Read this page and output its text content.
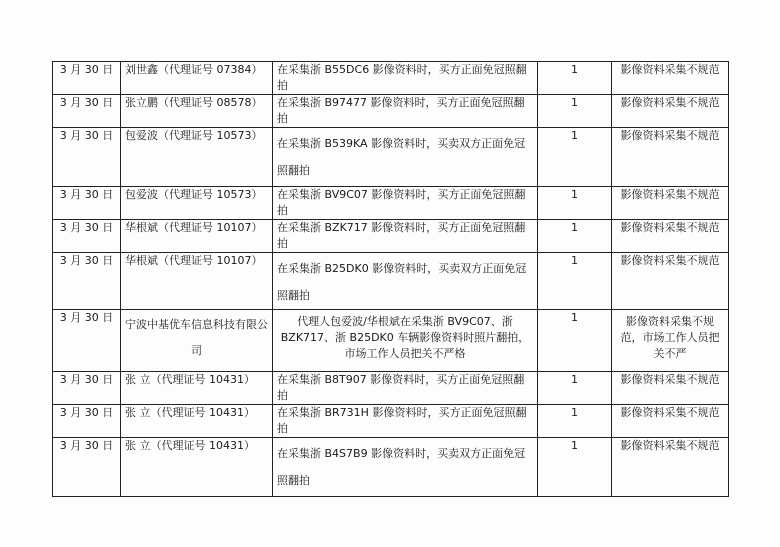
3 月 30 日	刘世鑫（代理证号 07384）	在采集浙 B55DC6 影像资料时，买方正面免冠照翻拍	1	影像资料采集不规范
3 月 30 日	张立鹏（代理证号 08578）	在采集浙 B97477 影像资料时，买方正面免冠照翻拍	1	影像资料采集不规范
3 月 30 日	包爱波（代理证号 10573）	在采集浙 B539KA 影像资料时，买卖双方正面免冠照翻拍	1	影像资料采集不规范
3 月 30 日	包爱波（代理证号 10573）	在采集浙 BV9C07 影像资料时，买方正面免冠照翻拍	1	影像资料采集不规范
3 月 30 日	华根斌（代理证号 10107）	在采集浙 BZK717 影像资料时，买方正面免冠照翻拍	1	影像资料采集不规范
3 月 30 日	华根斌（代理证号 10107）	在采集浙 B25DK0 影像资料时，买卖双方正面免冠照翻拍	1	影像资料采集不规范
3 月 30 日	宁波中基优车信息科技有限公司	代理人包爱波/华根斌在采集浙 BV9C07、浙 BZK717、浙 B25DK0 车辆影像资料时照片翻拍，市场工作人员把关不严格	1	影像资料采集不规范，市场工作人员把关不严
3 月 30 日	张 立（代理证号 10431）	在采集浙 B8T907 影像资料时，买方正面免冠照翻拍	1	影像资料采集不规范
3 月 30 日	张 立（代理证号 10431）	在采集浙 BR731H 影像资料时，买方正面免冠照翻拍	1	影像资料采集不规范
3 月 30 日	张 立（代理证号 10431）	在采集浙 B4S7B9 影像资料时，买卖双方正面免冠照翻拍	1	影像资料采集不规范
